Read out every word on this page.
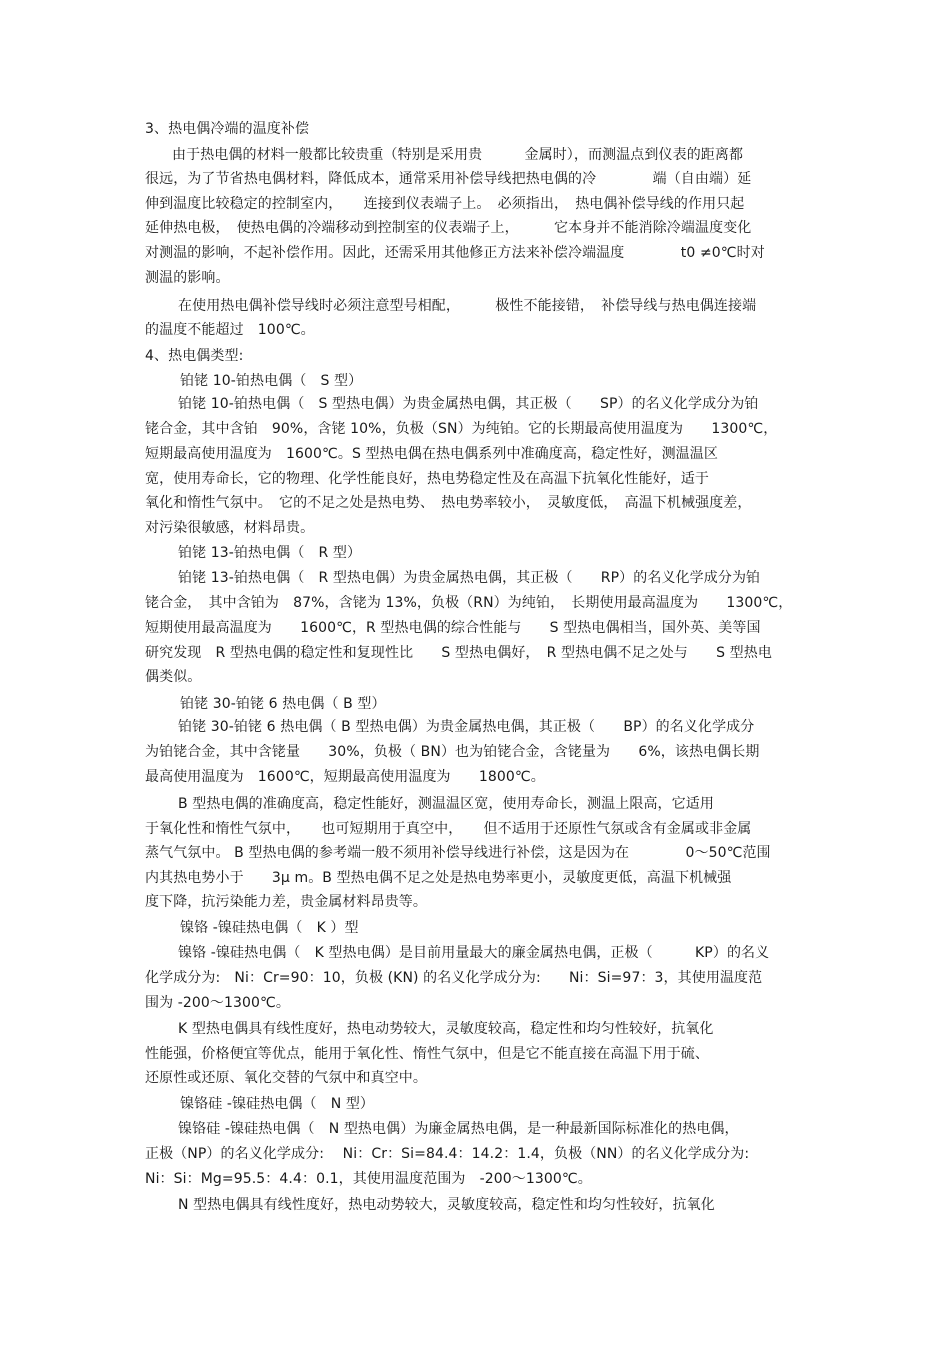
3、热电偶冷端的温度补偿
由于热电偶的材料一般都比较贵重（特别是采用贵　　　金属时），而测温点到仪表的距离都
很远，为了节省热电偶材料，降低成本，通常采用补偿导线把热电偶的冷　　　　端（自由端）延
伸到温度比较稳定的控制室内，　　连接到仪表端子上。　必须指出，　热电偶补偿导线的作用只起
延伸热电极，　使热电偶的冷端移动到控制室的仪表端子上，　　　它本身并不能消除冷端温度变化
对测温的影响，不起补偿作用。因此，还需采用其他修正方法来补偿冷端温度　　　　t0 ≠0℃时对
测温的影响。
在使用热电偶补偿导线时必须注意型号相配，　　　极性不能接错，　补偿导线与热电偶连接端
的温度不能超过　100℃。
4、热电偶类型:
铂铑 10-铂热电偶（　S 型）
铂铑 10-铂热电偶（　S 型热电偶）为贵金属热电偶，其正极（　　SP）的名义化学成分为铂
铑合金，其中含铂　90%，含铑 10%，负极（SN）为纯铂。它的长期最高使用温度为　　1300℃，
短期最高使用温度为　1600℃。S 型热电偶在热电偶系列中准确度高，稳定性好，测温温区
宽，使用寿命长，它的物理、化学性能良好，热电势稳定性及在高温下抗氧化性能好，适于
氧化和惰性气氛中。　它的不足之处是热电势、　热电势率较小，　灵敏度低，　高温下机械强度差，
对污染很敏感，材料昂贵。
铂铑 13-铂热电偶（　R 型）
铂铑 13-铂热电偶（　R 型热电偶）为贵金属热电偶，其正极（　　RP）的名义化学成分为铂
铑合金，　其中含铂为　87%，含铑为 13%，负极（RN）为纯铂，　长期使用最高温度为　　1300℃，
短期使用最高温度为　　1600℃，R 型热电偶的综合性能与　　S 型热电偶相当，国外英、美等国
研究发现　R 型热电偶的稳定性和复现性比　　S 型热电偶好，　R 型热电偶不足之处与　　S 型热电
偶类似。
铂铑 30-铂铑 6 热电偶（ B 型）
铂铑 30-铂铑 6 热电偶（ B 型热电偶）为贵金属热电偶，其正极（　　BP）的名义化学成分
为铂铑合金，其中含铑量　　30%，负极（ BN）也为铂铑合金，含铑量为　　6%，该热电偶长期
最高使用温度为　1600℃，短期最高使用温度为　　1800℃。
B 型热电偶的准确度高，稳定性能好，测温温区宽，使用寿命长，测温上限高，它适用
于氧化性和惰性气氛中，　　也可短期用于真空中，　　但不适用于还原性气氛或含有金属或非金属
蒸气气氛中。 B 型热电偶的参考端一般不须用补偿导线进行补偿，这是因为在　　　　0～50℃范围
内其热电势小于　　3μ m。B 型热电偶不足之处是热电势率更小，灵敏度更低，高温下机械强
度下降，抗污染能力差，贵金属材料昂贵等。
镍铬 -镍硅热电偶（　K ）型
镍铬 -镍硅热电偶（　K 型热电偶）是目前用量最大的廉金属热电偶，正极（　　　KP）的名义
化学成分为:　Ni：Cr=90：10，负极 (KN) 的名义化学成分为:　　Ni：Si=97：3，其使用温度范
围为 -200～1300℃。
K 型热电偶具有线性度好，热电动势较大，灵敏度较高，稳定性和均匀性较好，抗氧化
性能强，价格便宜等优点，能用于氧化性、惰性气氛中，但是它不能直接在高温下用于硫、
还原性或还原、氧化交替的气氛中和真空中。
镍铬硅 -镍硅热电偶（　N 型）
镍铬硅 -镍硅热电偶（　N 型热电偶）为廉金属热电偶，是一种最新国际标准化的热电偶，
正极（NP）的名义化学成分:　 Ni：Cr：Si=84.4：14.2：1.4，负极（NN）的名义化学成分为:
Ni：Si：Mg=95.5：4.4：0.1，其使用温度范围为　-200～1300℃。
N 型热电偶具有线性度好，热电动势较大，灵敏度较高，稳定性和均匀性较好，抗氧化
